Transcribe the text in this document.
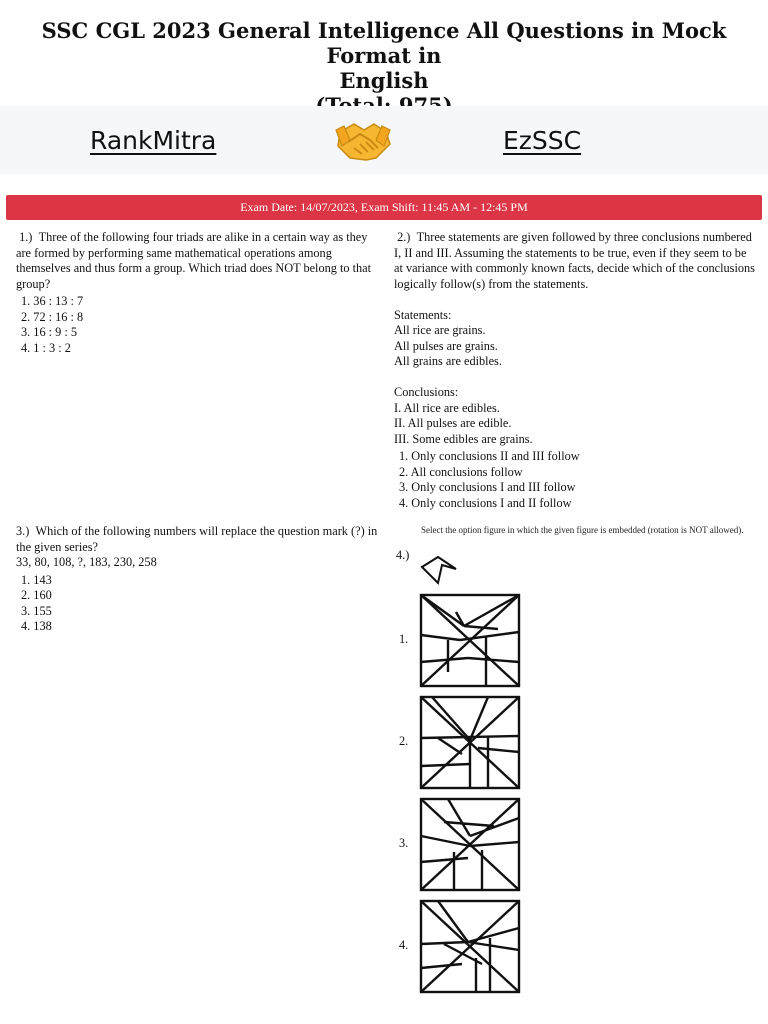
SSC CGL 2023 General Intelligence All Questions in Mock Format in
English
RankMitra	EzSSC
Exam Date: 14/07/2023, Exam Shift: 11:45 AM - 12:45 PM

1.) Three of the following four triads are alike in a certain way as they are formed by performing same mathematical operations among themselves and thus form a group. Which triad does NOT belong to that group?

1. 36 : 13 : 7
2. 72 : 16 : 8
3. 16 : 9 : 5
4. 1 : 3 : 2

2.) Three statements are given followed by three conclusions numbered I, II and III. Assuming the statements to be true, even if they seem to be at variance with commonly known facts, decide which of the conclusions logically follow(s) from the statements.

Statements:

All rice are grains.

All pulses are grains.

All grains are edibles.

Conclusions:

I. All rice are edibles.

II. All pulses are edible.

III. Some edibles are grains.

1. Only conclusions II and III follow
2. All conclusions follow
3. Only conclusions I and III follow
4. Only conclusions I and II follow

3.) Which of the following numbers will replace the question mark (?) in the given series?

33, 80, 108, ?, 183, 230, 258

1. 143
2. 160
3. 155
4. 138
Select the option figure in which the given figure is embedded (rotation is NOT allowed).
4.)
1.
2.
3.
4.
